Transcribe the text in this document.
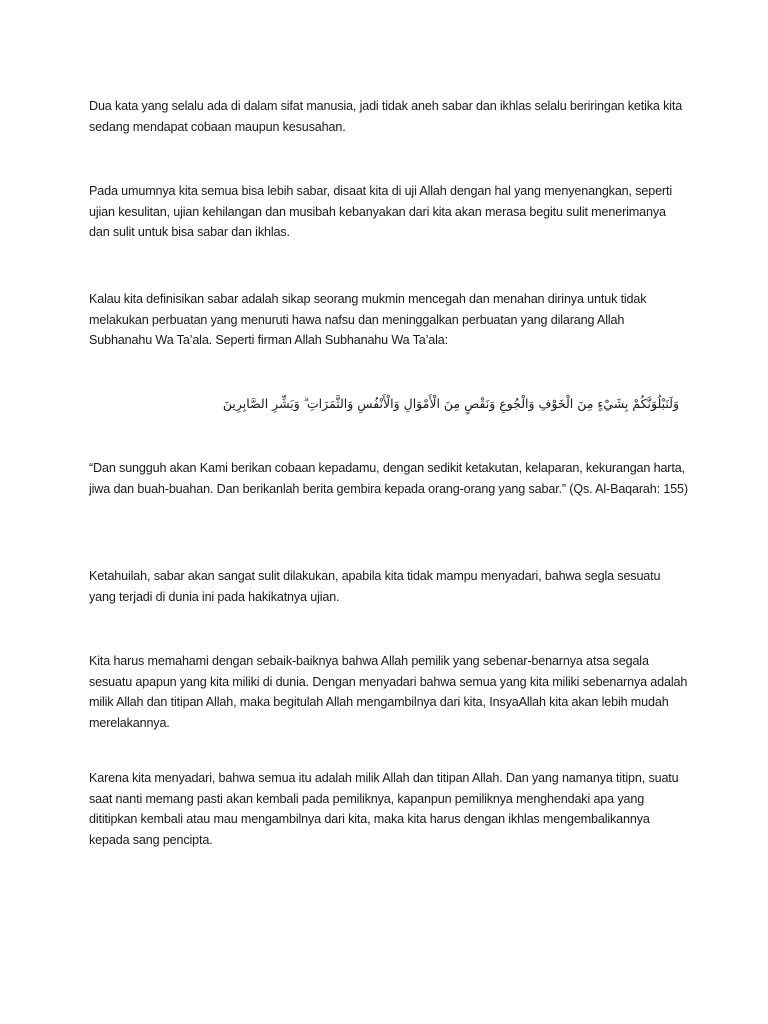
Dua kata yang selalu ada di dalam sifat manusia, jadi tidak aneh sabar dan ikhlas selalu beriringan ketika kita sedang mendapat cobaan maupun kesusahan.

Pada umumnya kita semua bisa lebih sabar, disaat kita di uji Allah dengan hal yang menyenangkan, seperti ujian kesulitan, ujian kehilangan dan musibah kebanyakan dari kita akan merasa begitu sulit menerimanya dan sulit untuk bisa sabar dan ikhlas.

Kalau kita definisikan sabar adalah sikap seorang mukmin mencegah dan menahan dirinya untuk tidak melakukan perbuatan yang menuruti hawa nafsu dan meninggalkan perbuatan yang dilarang Allah Subhanahu Wa Ta’ala. Seperti firman Allah Subhanahu Wa Ta’ala:

وَلَنَبْلُوَنَّكُمْ بِشَيْءٍ مِنَ الْخَوْفِ وَالْجُوعِ وَنَقْصٍ مِنَ الْأَمْوَالِ وَالْأَنْفُسِ وَالثَّمَرَاتِ ۗ وَبَشِّرِ الصَّابِرِينَ

“Dan sungguh akan Kami berikan cobaan kepadamu, dengan sedikit ketakutan, kelaparan, kekurangan harta, jiwa dan buah-buahan. Dan berikanlah berita gembira kepada orang-orang yang sabar.” (Qs. Al-Baqarah: 155)

Ketahuilah, sabar akan sangat sulit dilakukan, apabila kita tidak mampu menyadari, bahwa segla sesuatu yang terjadi di dunia ini pada hakikatnya ujian.

Kita harus memahami dengan sebaik-baiknya bahwa Allah pemilik yang sebenar-benarnya atsa segala sesuatu apapun yang kita miliki di dunia. Dengan menyadari bahwa semua yang kita miliki sebenarnya adalah milik Allah dan titipan Allah, maka begitulah Allah mengambilnya dari kita, InsyaAllah kita akan lebih mudah merelakannya.

Karena kita menyadari, bahwa semua itu adalah milik Allah dan titipan Allah. Dan yang namanya titipn, suatu saat nanti memang pasti akan kembali pada pemiliknya, kapanpun pemiliknya menghendaki apa yang dititipkan kembali atau mau mengambilnya dari kita, maka kita harus dengan ikhlas mengembalikannya kepada sang pencipta.
